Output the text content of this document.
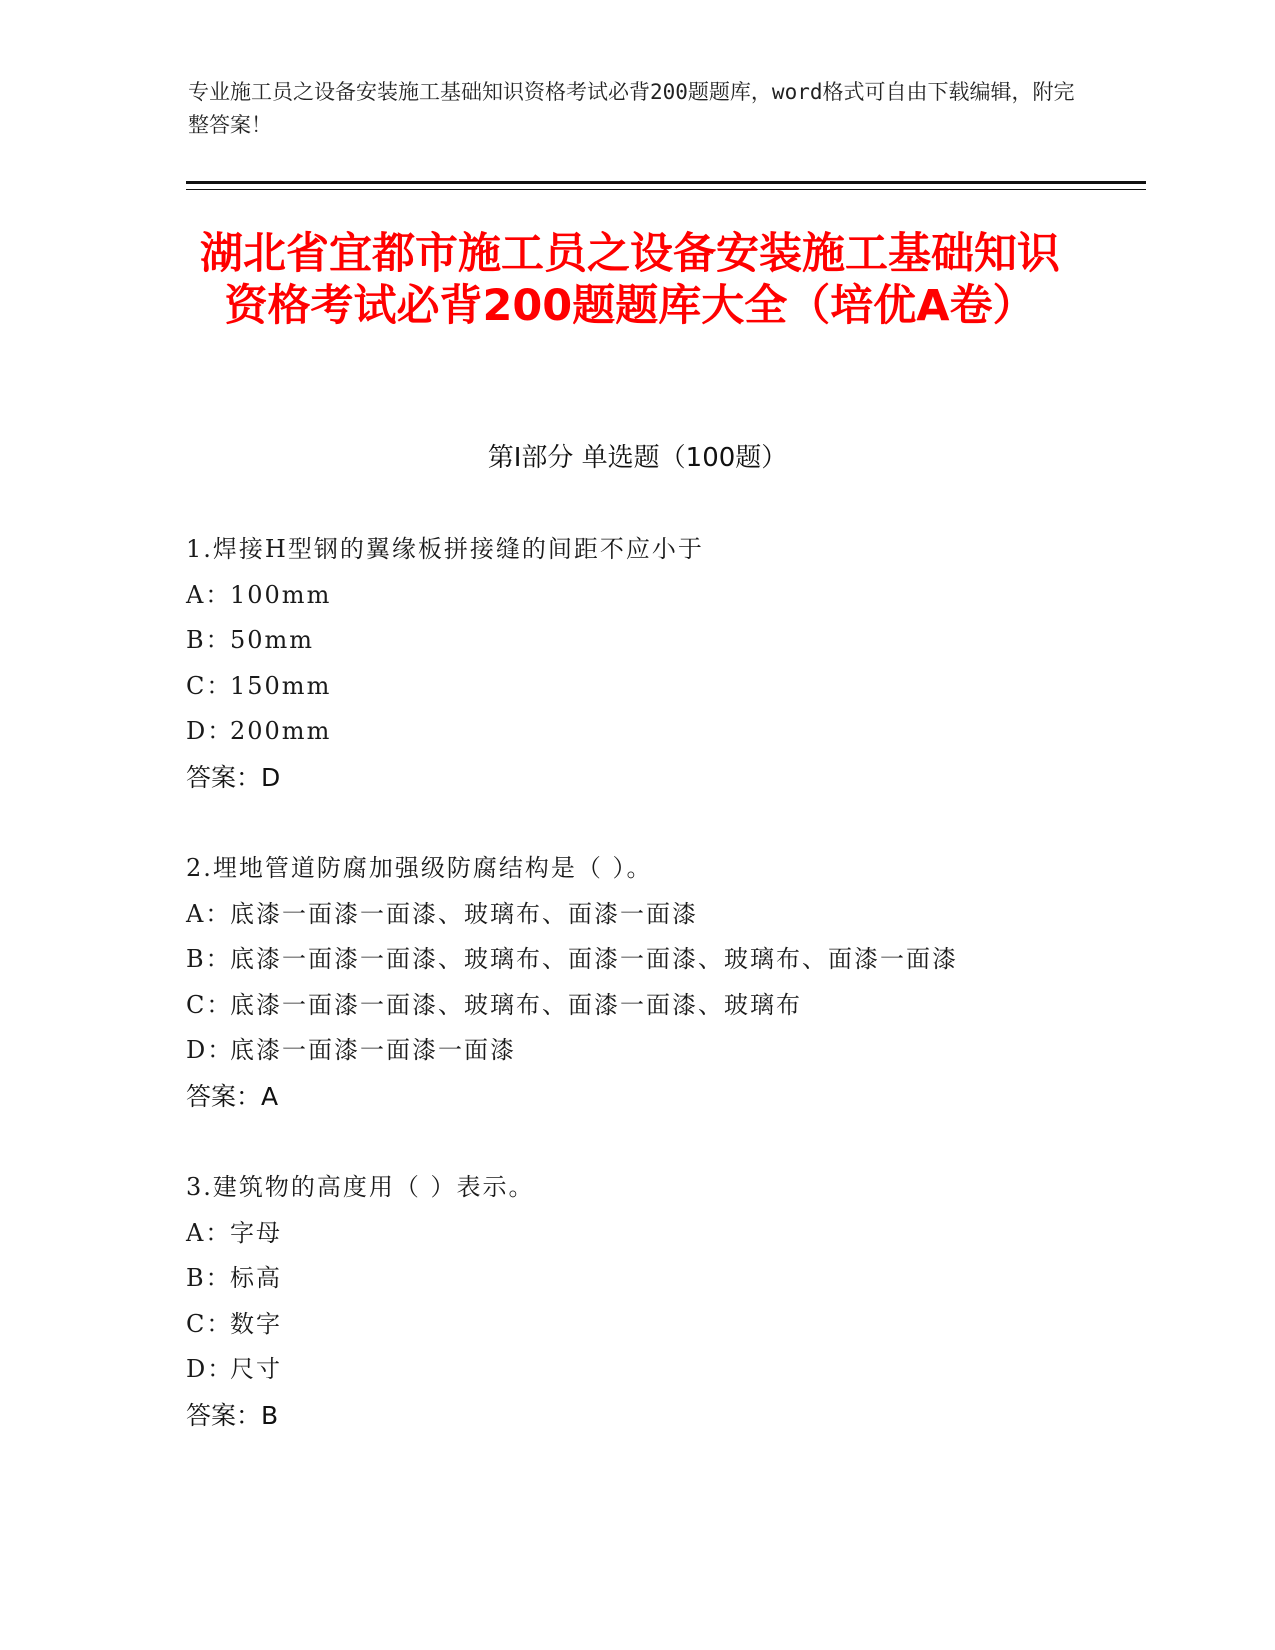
专业施工员之设备安装施工基础知识资格考试必背200题题库，word格式可自由下载编辑，附完整答案！

湖北省宜都市施工员之设备安装施工基础知识资格考试必背200题题库大全（培优A卷）
第Ⅰ部分 单选题（100题）
1.焊接H型钢的翼缘板拼接缝的间距不应小于
A：100mm
B：50mm
C：150mm
D：200mm
答案：D
2.埋地管道防腐加强级防腐结构是（ ）。
A：底漆一面漆一面漆、玻璃布、面漆一面漆
B：底漆一面漆一面漆、玻璃布、面漆一面漆、玻璃布、面漆一面漆
C：底漆一面漆一面漆、玻璃布、面漆一面漆、玻璃布
D：底漆一面漆一面漆一面漆
答案：A
3.建筑物的高度用（ ）表示。
A：字母
B：标高
C：数字
D：尺寸
答案：B
